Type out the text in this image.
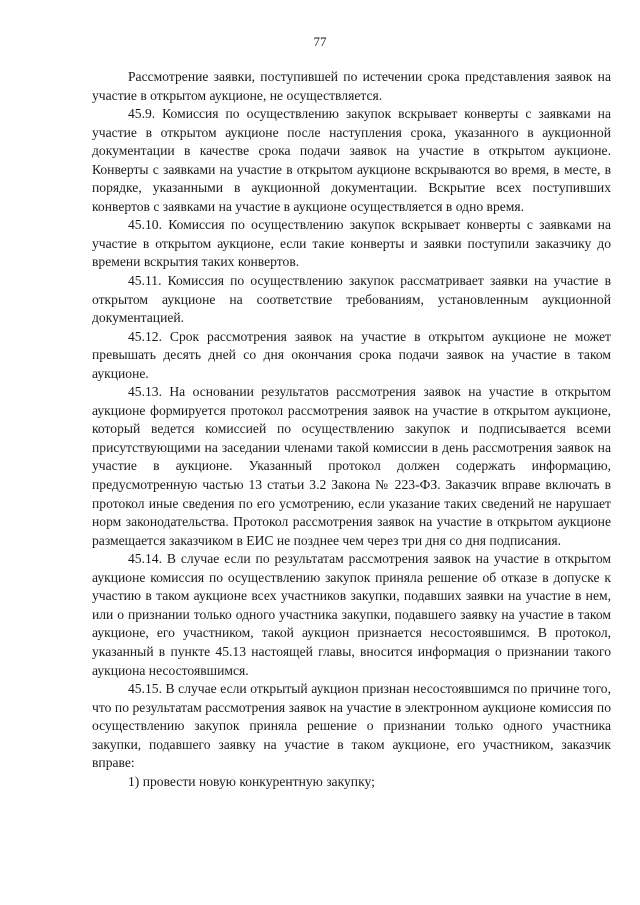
77

Рассмотрение заявки, поступившей по истечении срока представления заявок на участие в открытом аукционе, не осуществляется.

45.9. Комиссия по осуществлению закупок вскрывает конверты с заявками на участие в открытом аукционе после наступления срока, указанного в аукционной документации в качестве срока подачи заявок на участие в открытом аукционе. Конверты с заявками на участие в открытом аукционе вскрываются во время, в месте, в порядке, указанными в аукционной документации. Вскрытие всех поступивших конвертов с заявками на участие в аукционе осуществляется в одно время.

45.10. Комиссия по осуществлению закупок вскрывает конверты с заявками на участие в открытом аукционе, если такие конверты и заявки поступили заказчику до времени вскрытия таких конвертов.

45.11. Комиссия по осуществлению закупок рассматривает заявки на участие в открытом аукционе на соответствие требованиям, установленным аукционной документацией.

45.12. Срок рассмотрения заявок на участие в открытом аукционе не может превышать десять дней со дня окончания срока подачи заявок на участие в таком аукционе.

45.13. На основании результатов рассмотрения заявок на участие в открытом аукционе формируется протокол рассмотрения заявок на участие в открытом аукционе, который ведется комиссией по осуществлению закупок и подписывается всеми присутствующими на заседании членами такой комиссии в день рассмотрения заявок на участие в аукционе. Указанный протокол должен содержать информацию, предусмотренную частью 13 статьи 3.2 Закона № 223-ФЗ. Заказчик вправе включать в протокол иные сведения по его усмотрению, если указание таких сведений не нарушает норм законодательства. Протокол рассмотрения заявок на участие в открытом аукционе размещается заказчиком в ЕИС не позднее чем через три дня со дня подписания.

45.14. В случае если по результатам рассмотрения заявок на участие в открытом аукционе комиссия по осуществлению закупок приняла решение об отказе в допуске к участию в таком аукционе всех участников закупки, подавших заявки на участие в нем, или о признании только одного участника закупки, подавшего заявку на участие в таком аукционе, его участником, такой аукцион признается несостоявшимся. В протокол, указанный в пункте 45.13 настоящей главы, вносится информация о признании такого аукциона несостоявшимся.

45.15. В случае если открытый аукцион признан несостоявшимся по причине того, что по результатам рассмотрения заявок на участие в электронном аукционе комиссия по осуществлению закупок приняла решение о признании только одного участника закупки, подавшего заявку на участие в таком аукционе, его участником, заказчик вправе:

1) провести новую конкурентную закупку;
